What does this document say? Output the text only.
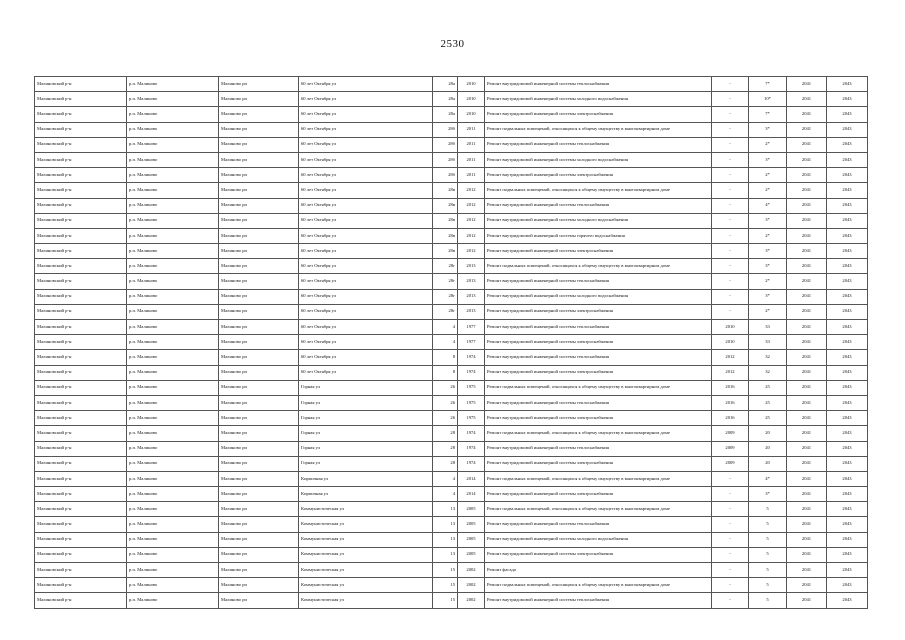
2530
Малиновский р-н	р.п. Малиново	Малиново рп	60 лет Октября ул	28а	2010	Ремонт внутридомовой инженерной системы теплоснабжения	-	7*	2041	2043
Малиновский р-н	р.п. Малиново	Малиново рп	60 лет Октября ул	28а	2010	Ремонт внутридомовой инженерной системы холодного водоснабжения	-	10*	2041	2043
Малиновский р-н	р.п. Малиново	Малиново рп	60 лет Октября ул	28а	2010	Ремонт внутридомовой инженерной системы электроснабжения	-	7*	2041	2043
Малиновский р-н	р.п. Малиново	Малиново рп	60 лет Октября ул	28б	2011	Ремонт подвальных помещений, относящихся к общему имуществу в многоквартирном доме	-	3*	2041	2043
Малиновский р-н	р.п. Малиново	Малиново рп	60 лет Октября ул	28б	2011	Ремонт внутридомовой инженерной системы теплоснабжения	-	2*	2041	2043
Малиновский р-н	р.п. Малиново	Малиново рп	60 лет Октября ул	28б	2011	Ремонт внутридомовой инженерной системы холодного водоснабжения	-	3*	2041	2043
Малиновский р-н	р.п. Малиново	Малиново рп	60 лет Октября ул	28б	2011	Ремонт внутридомовой инженерной системы электроснабжения	-	2*	2041	2043
Малиновский р-н	р.п. Малиново	Малиново рп	60 лет Октября ул	28в	2012	Ремонт подвальных помещений, относящихся к общему имуществу в многоквартирном доме	-	2*	2041	2043
Малиновский р-н	р.п. Малиново	Малиново рп	60 лет Октября ул	28в	2012	Ремонт внутридомовой инженерной системы теплоснабжения	-	4*	2041	2043
Малиновский р-н	р.п. Малиново	Малиново рп	60 лет Октября ул	28в	2012	Ремонт внутридомовой инженерной системы холодного водоснабжения	-	3*	2041	2043
Малиновский р-н	р.п. Малиново	Малиново рп	60 лет Октября ул	28в	2012	Ремонт внутридомовой инженерной системы горячего водоснабжения	-	2*	2041	2043
Малиновский р-н	р.п. Малиново	Малиново рп	60 лет Октября ул	28в	2012	Ремонт внутридомовой инженерной системы электроснабжения	-	3*	2041	2043
Малиновский р-н	р.п. Малиново	Малиново рп	60 лет Октября ул	28г	2013	Ремонт подвальных помещений, относящихся к общему имуществу в многоквартирном доме	-	3*	2041	2043
Малиновский р-н	р.п. Малиново	Малиново рп	60 лет Октября ул	28г	2013	Ремонт внутридомовой инженерной системы теплоснабжения	-	2*	2041	2043
Малиновский р-н	р.п. Малиново	Малиново рп	60 лет Октября ул	28г	2013	Ремонт внутридомовой инженерной системы холодного водоснабжения	-	3*	2041	2043
Малиновский р-н	р.п. Малиново	Малиново рп	60 лет Октября ул	28г	2013	Ремонт внутридомовой инженерной системы электроснабжения	-	2*	2041	2043
Малиновский р-н	р.п. Малиново	Малиново рп	60 лет Октября ул	4	1977	Ремонт внутридомовой инженерной системы теплоснабжения	2010	33	2041	2043
Малиновский р-н	р.п. Малиново	Малиново рп	60 лет Октября ул	4	1977	Ремонт внутридомовой инженерной системы электроснабжения	2010	33	2041	2043
Малиновский р-н	р.п. Малиново	Малиново рп	60 лет Октября ул	8	1974	Ремонт внутридомовой инженерной системы теплоснабжения	2012	32	2041	2043
Малиновский р-н	р.п. Малиново	Малиново рп	60 лет Октября ул	8	1974	Ремонт внутридомовой инженерной системы электроснабжения	2012	32	2041	2043
Малиновский р-н	р.п. Малиново	Малиново рп	Горная ул	26	1975	Ремонт подвальных помещений, относящихся к общему имуществу в многоквартирном доме	2016	25	2041	2043
Малиновский р-н	р.п. Малиново	Малиново рп	Горная ул	26	1975	Ремонт внутридомовой инженерной системы теплоснабжения	2016	25	2041	2043
Малиновский р-н	р.п. Малиново	Малиново рп	Горная ул	26	1975	Ремонт внутридомовой инженерной системы электроснабжения	2016	25	2041	2043
Малиновский р-н	р.п. Малиново	Малиново рп	Горная ул	28	1974	Ремонт подвальных помещений, относящихся к общему имуществу в многоквартирном доме	2009	20	2041	2043
Малиновский р-н	р.п. Малиново	Малиново рп	Горная ул	28	1974	Ремонт внутридомовой инженерной системы теплоснабжения	2009	20	2041	2043
Малиновский р-н	р.п. Малиново	Малиново рп	Горная ул	28	1974	Ремонт внутридомовой инженерной системы электроснабжения	2009	20	2041	2043
Малиновский р-н	р.п. Малиново	Малиново рп	Кирпичная ул	4	2014	Ремонт подвальных помещений, относящихся к общему имуществу в многоквартирном доме	-	4*	2041	2043
Малиновский р-н	р.п. Малиново	Малиново рп	Кирпичная ул	4	2014	Ремонт внутридомовой инженерной системы электроснабжения	-	3*	2041	2043
Малиновский р-н	р.п. Малиново	Малиново рп	Коммунистическая ул	13	2005	Ремонт подвальных помещений, относящихся к общему имуществу в многоквартирном доме	-	5	2041	2043
Малиновский р-н	р.п. Малиново	Малиново рп	Коммунистическая ул	13	2005	Ремонт внутридомовой инженерной системы теплоснабжения	-	5	2041	2043
Малиновский р-н	р.п. Малиново	Малиново рп	Коммунистическая ул	13	2005	Ремонт внутридомовой инженерной системы холодного водоснабжения	-	5	2041	2043
Малиновский р-н	р.п. Малиново	Малиново рп	Коммунистическая ул	13	2005	Ремонт внутридомовой инженерной системы электроснабжения	-	5	2041	2043
Малиновский р-н	р.п. Малиново	Малиново рп	Коммунистическая ул	15	2002	Ремонт фасада	-	5	2041	2043
Малиновский р-н	р.п. Малиново	Малиново рп	Коммунистическая ул	15	2002	Ремонт подвальных помещений, относящихся к общему имуществу в многоквартирном доме	-	5	2041	2043
Малиновский р-н	р.п. Малиново	Малиново рп	Коммунистическая ул	15	2002	Ремонт внутридомовой инженерной системы теплоснабжения	-	5	2041	2043
